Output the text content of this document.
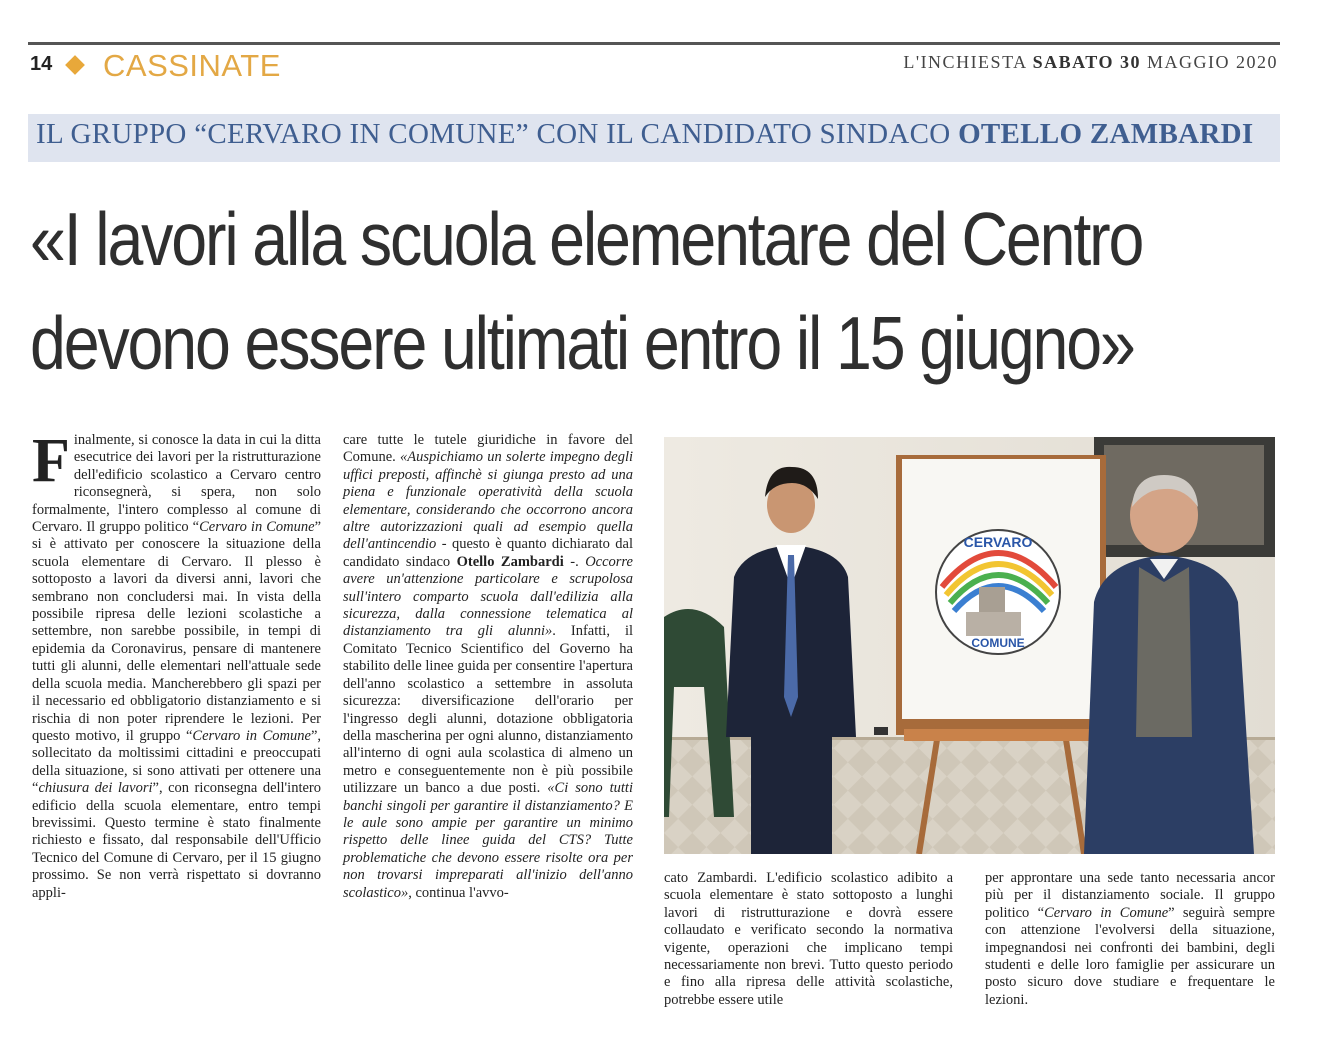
14 CASSINATE	L'INCHIESTA SABATO 30 MAGGIO 2020
IL GRUPPO “CERVARO IN COMUNE” CON IL CANDIDATO SINDACO OTELLO ZAMBARDI
«I lavori alla scuola elementare del Centro
devono essere ultimati entro il 15 giugno»
Finalmente, si conosce la data in cui la ditta esecutrice dei lavori per la ristrutturazione dell'edificio scolastico a Cervaro centro riconsegnerà, si spera, non solo formalmente, l'intero complesso al comune di Cervaro. Il gruppo politico “Cervaro in Comune” si è attivato per conoscere la situazione della scuola elementare di Cervaro. Il plesso è sottoposto a lavori da diversi anni, lavori che sembrano non concludersi mai. In vista della possibile ripresa delle lezioni scolastiche a settembre, non sarebbe possibile, in tempi di epidemia da Coronavirus, pensare di mantenere tutti gli alunni, delle elementari nell'attuale sede della scuola media. Mancherebbero gli spazi per il necessario ed obbligatorio distanziamento e si rischia di non poter riprendere le lezioni. Per questo motivo, il gruppo “Cervaro in Comune”, sollecitato da moltissimi cittadini e preoccupati della situazione, si sono attivati per ottenere una “chiusura dei lavori”, con riconsegna dell'intero edificio della scuola elementare, entro tempi brevissimi. Questo termine è stato finalmente richiesto e fissato, dal responsabile dell'Ufficio Tecnico del Comune di Cervaro, per il 15 giugno prossimo. Se non verrà rispettato si dovranno appli-
care tutte le tutele giuridiche in favore del Comune. «Auspichiamo un solerte impegno degli uffici preposti, affinchè si giunga presto ad una piena e funzionale operatività della scuola elementare, considerando che occorrono ancora altre autorizzazioni quali ad esempio quella dell'antincendio - questo è quanto dichiarato dal candidato sindaco Otello Zambardi -. Occorre avere un'attenzione particolare e scrupolosa sull'intero comparto scuola dall'edilizia alla sicurezza, dalla connessione telematica al distanziamento tra gli alunni». Infatti, il Comitato Tecnico Scientifico del Governo ha stabilito delle linee guida per consentire l'apertura dell'anno scolastico a settembre in assoluta sicurezza: diversificazione dell'orario per l'ingresso degli alunni, dotazione obbligatoria della mascherina per ogni alunno, distanziamento all'interno di ogni aula scolastica di almeno un metro e conseguentemente non è più possibile utilizzare un banco a due posti. «Ci sono tutti banchi singoli per garantire il distanziamento? E le aule sono ampie per garantire un minimo rispetto delle linee guida del CTS? Tutte problematiche che devono essere risolte ora per non trovarsi impreparati all'inizio dell'anno scolastico», continua l'avvo-
CERVARO
COMUNE
cato Zambardi. L'edificio scolastico adibito a scuola elementare è stato sottoposto a lunghi lavori di ristrutturazione e dovrà essere collaudato e verificato secondo la normativa vigente, operazioni che implicano tempi necessariamente non brevi. Tutto questo periodo e fino alla ripresa delle attività scolastiche, potrebbe essere utile
per approntare una sede tanto necessaria ancor più per il distanziamento sociale. Il gruppo politico “Cervaro in Comune” seguirà sempre con attenzione l'evolversi della situazione, impegnandosi nei confronti dei bambini, degli studenti e delle loro famiglie per assicurare un posto sicuro dove studiare e frequentare le lezioni.
